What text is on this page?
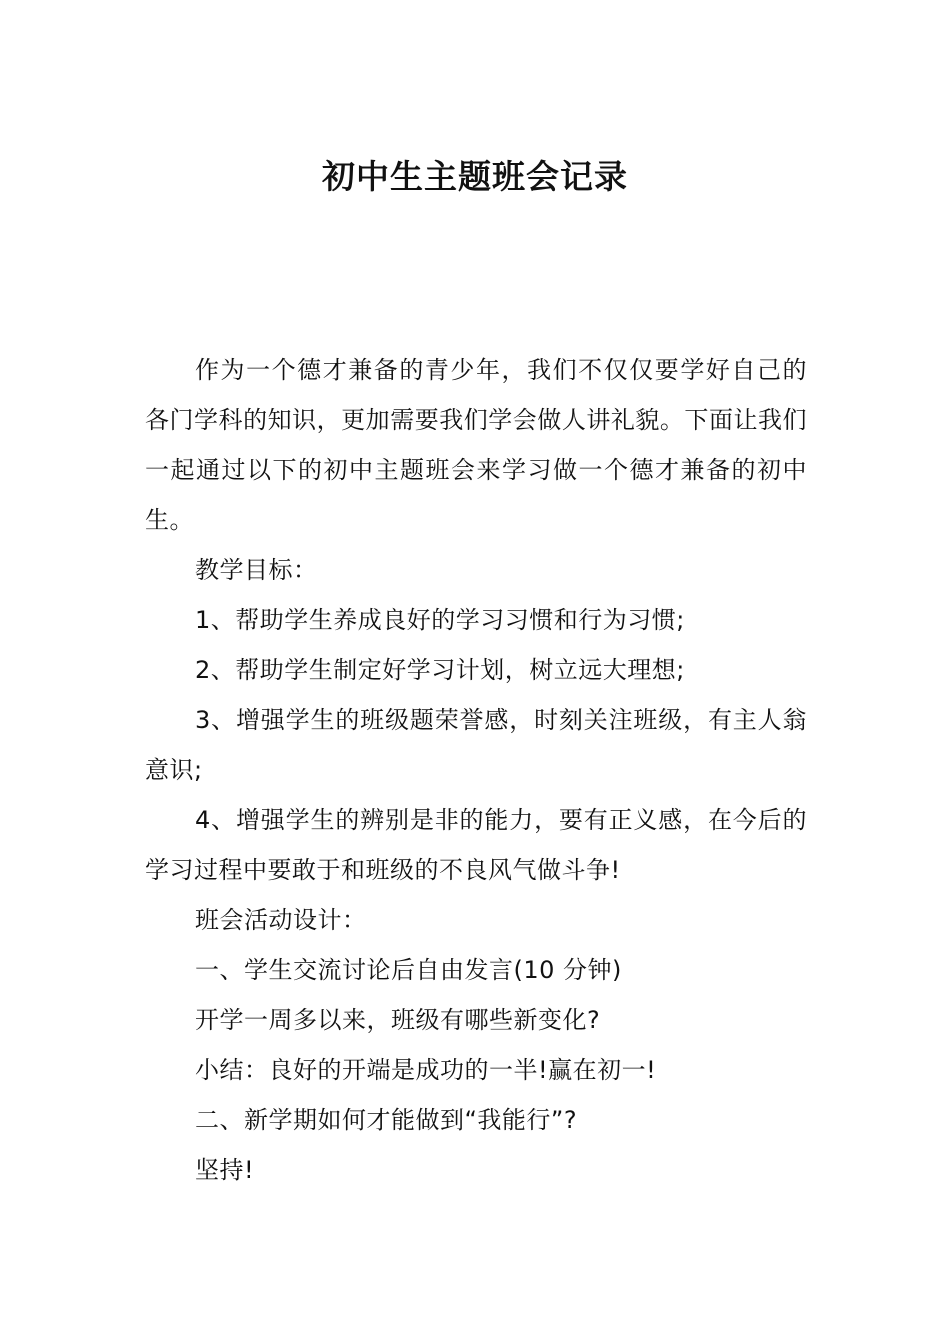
初中生主题班会记录

作为一个德才兼备的青少年，我们不仅仅要学好自己的各门学科的知识，更加需要我们学会做人讲礼貌。下面让我们一起通过以下的初中主题班会来学习做一个德才兼备的初中生。

教学目标：

1、帮助学生养成良好的学习习惯和行为习惯;

2、帮助学生制定好学习计划，树立远大理想;

3、增强学生的班级题荣誉感，时刻关注班级，有主人翁意识;

4、增强学生的辨别是非的能力，要有正义感，在今后的学习过程中要敢于和班级的不良风气做斗争!

班会活动设计：

一、学生交流讨论后自由发言(10 分钟)

开学一周多以来，班级有哪些新变化?

小结：良好的开端是成功的一半!赢在初一!

二、新学期如何才能做到“我能行”?

坚持!
